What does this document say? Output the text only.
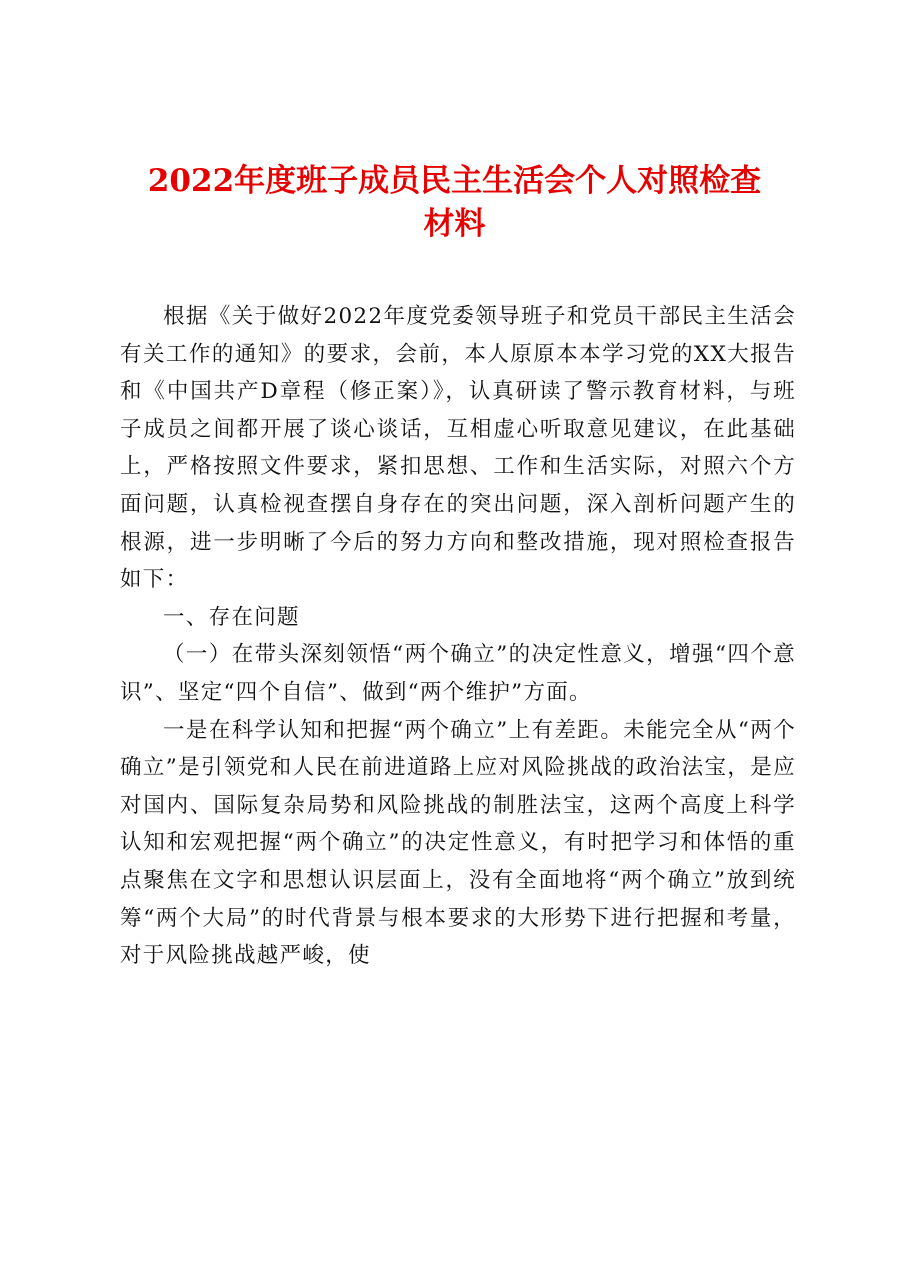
2022年度班子成员民主生活会个人对照检查
材料

根据《关于做好2022年度党委领导班子和党员干部民主生活会有关工作的通知》的要求，会前，本人原原本本学习党的XX大报告和《中国共产D章程（修正案）》，认真研读了警示教育材料，与班子成员之间都开展了谈心谈话，互相虚心听取意见建议，在此基础上，严格按照文件要求，紧扣思想、工作和生活实际，对照六个方面问题，认真检视查摆自身存在的突出问题，深入剖析问题产生的根源，进一步明晰了今后的努力方向和整改措施，现对照检查报告如下：

一、存在问题

（一）在带头深刻领悟“两个确立”的决定性意义，增强“四个意识”、坚定“四个自信”、做到“两个维护”方面。

一是在科学认知和把握“两个确立”上有差距。未能完全从“两个确立”是引领党和人民在前进道路上应对风险挑战的政治法宝，是应对国内、国际复杂局势和风险挑战的制胜法宝，这两个高度上科学认知和宏观把握“两个确立”的决定性意义，有时把学习和体悟的重点聚焦在文字和思想认识层面上，没有全面地将“两个确立”放到统筹“两个大局”的时代背景与根本要求的大形势下进行把握和考量，对于风险挑战越严峻，使
